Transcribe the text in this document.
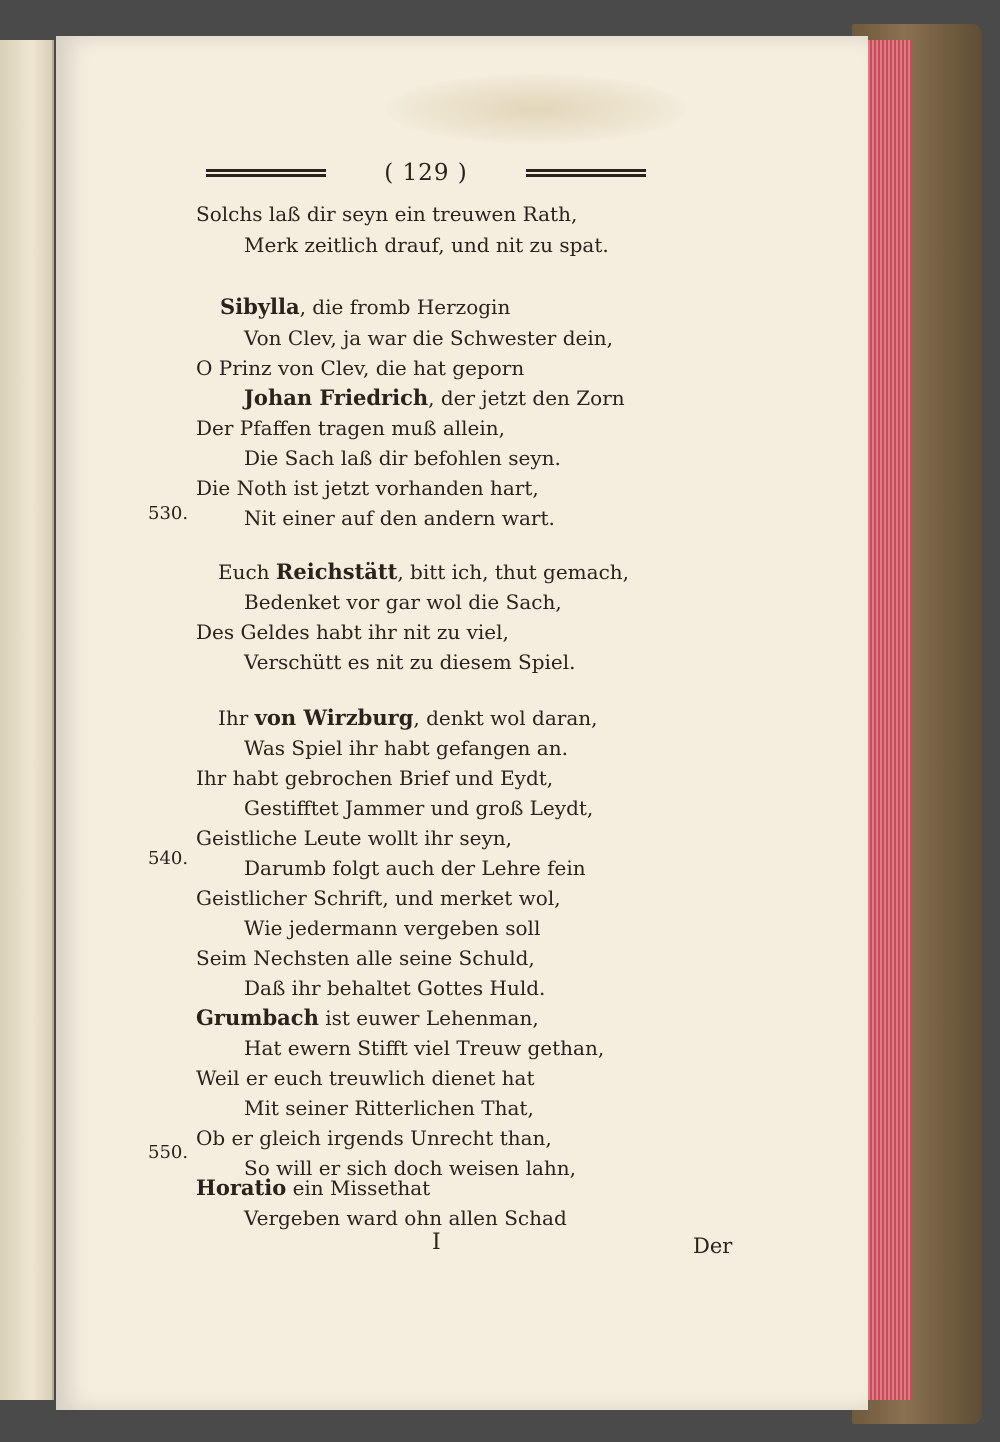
( 129 )
Solchs laß dir seyn ein treuwen Rath,
Merk zeitlich drauf, und nit zu spat.
Sibylla, die fromb Herzogin
Von Clev, ja war die Schwester dein,
O Prinz von Clev, die hat geporn
Johan Friedrich, der jetzt den Zorn
Der Pfaffen tragen muß allein,
Die Sach laß dir befohlen seyn.
Die Noth ist jetzt vorhanden hart,
Nit einer auf den andern wart.
Euch Reichstätt, bitt ich, thut gemach,
Bedenket vor gar wol die Sach,
Des Geldes habt ihr nit zu viel,
Verschütt es nit zu diesem Spiel.
Ihr von Wirzburg, denkt wol daran,
Was Spiel ihr habt gefangen an.
Ihr habt gebrochen Brief und Eydt,
Gestifftet Jammer und groß Leydt,
Geistliche Leute wollt ihr seyn,
Darumb folgt auch der Lehre fein
Geistlicher Schrift, und merket wol,
Wie jedermann vergeben soll
Seim Nechsten alle seine Schuld,
Daß ihr behaltet Gottes Huld.
Grumbach ist euwer Lehenman,
Hat ewern Stifft viel Treuw gethan,
Weil er euch treuwlich dienet hat
Mit seiner Ritterlichen That,
Ob er gleich irgends Unrecht than,
So will er sich doch weisen lahn,
Horatio ein Missethat
Vergeben ward ohn allen Schad
530.
540.
550.
I	Der
